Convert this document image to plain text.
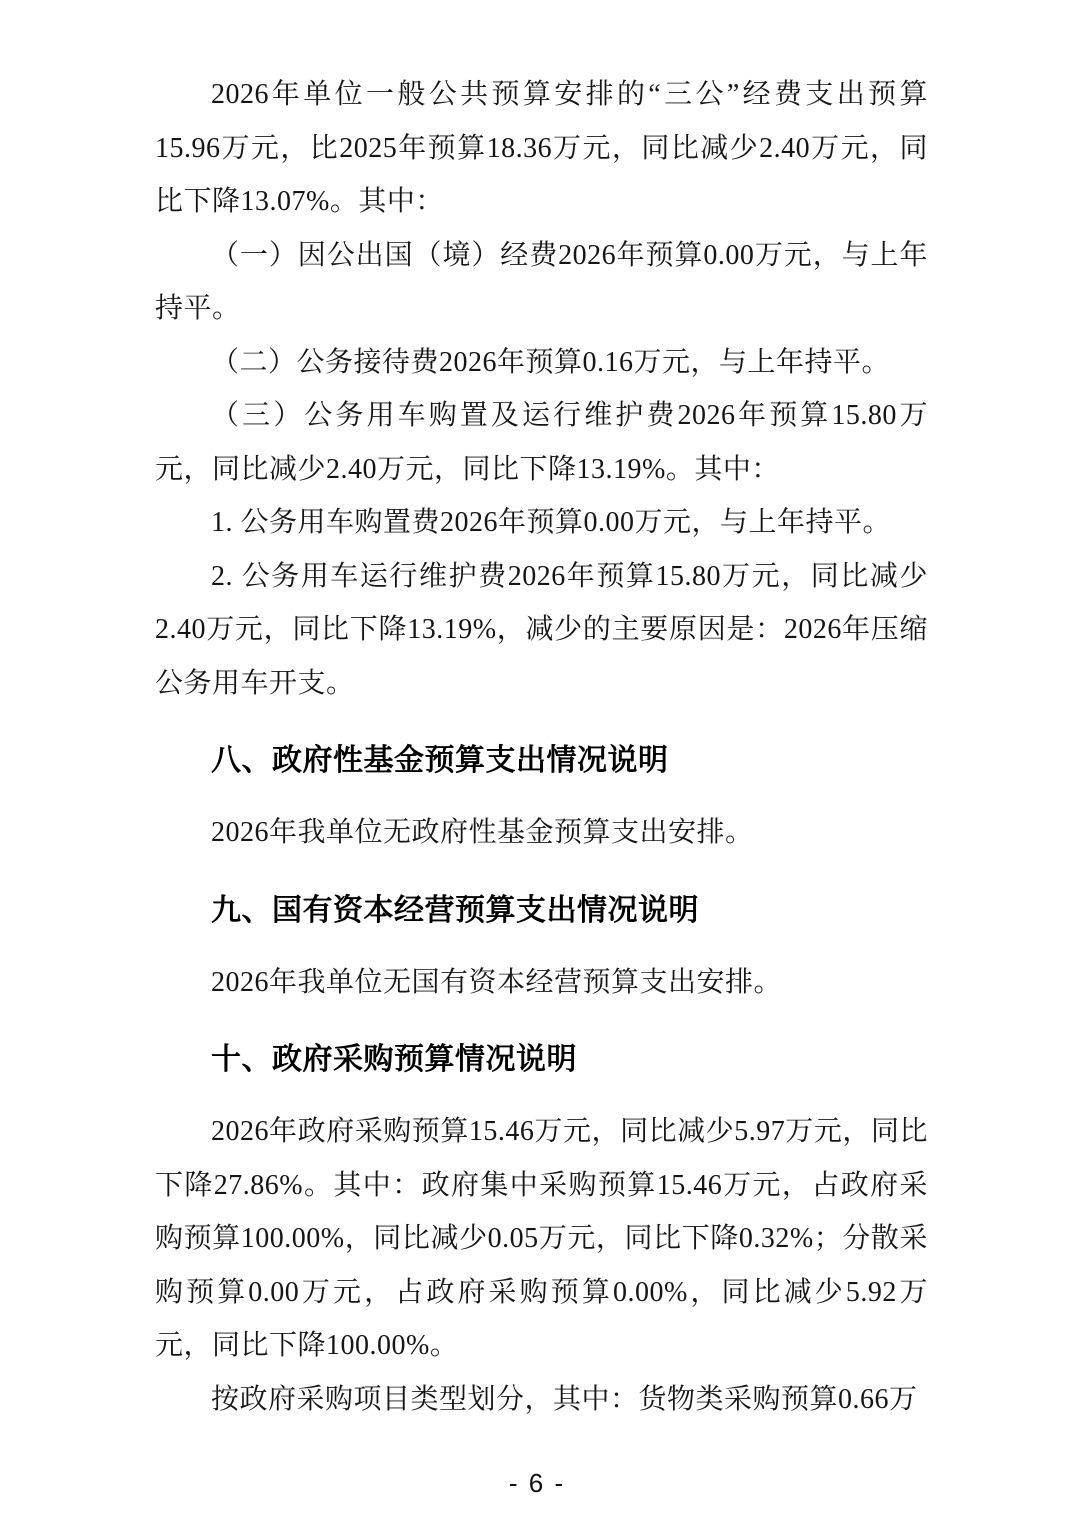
2026年单位一般公共预算安排的“三公”经费支出预算15.96万元，比2025年预算18.36万元，同比减少2.40万元，同比下降13.07%。其中：

（一）因公出国（境）经费2026年预算0.00万元，与上年持平。

（二）公务接待费2026年预算0.16万元，与上年持平。

（三）公务用车购置及运行维护费2026年预算15.80万元，同比减少2.40万元，同比下降13.19%。其中：

1. 公务用车购置费2026年预算0.00万元，与上年持平。

2. 公务用车运行维护费2026年预算15.80万元，同比减少2.40万元，同比下降13.19%，减少的主要原因是：2026年压缩公务用车开支。

八、政府性基金预算支出情况说明

2026年我单位无政府性基金预算支出安排。

九、国有资本经营预算支出情况说明

2026年我单位无国有资本经营预算支出安排。

十、政府采购预算情况说明

2026年政府采购预算15.46万元，同比减少5.97万元，同比下降27.86%。其中：政府集中采购预算15.46万元，占政府采购预算100.00%，同比减少0.05万元，同比下降0.32%；分散采购预算0.00万元，占政府采购预算0.00%，同比减少5.92万元，同比下降100.00%。

按政府采购项目类型划分，其中：货物类采购预算0.66万

- 6 -
